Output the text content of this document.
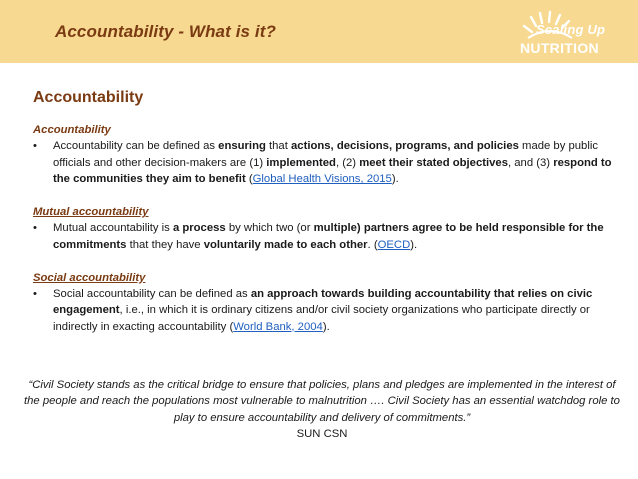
Accountability - What is it?	Scaling Up
NUTRITION
Accountability
Accountability
• Accountability can be defined as ensuring that actions, decisions, programs, and policies made by public officials and other decision-makers are (1) implemented, (2) meet their stated objectives, and (3) respond to the communities they aim to benefit (Global Health Visions, 2015).
Mutual accountability
• Mutual accountability is a process by which two (or multiple) partners agree to be held responsible for the commitments that they have voluntarily made to each other. (OECD).
Social accountability
• Social accountability can be defined as an approach towards building accountability that relies on civic engagement, i.e., in which it is ordinary citizens and/or civil society organizations who participate directly or indirectly in exacting accountability (World Bank, 2004).
“Civil Society stands as the critical bridge to ensure that policies, plans and pledges are implemented in the interest of the people and reach the populations most vulnerable to malnutrition …. Civil Society has an essential watchdog role to play to ensure accountability and delivery of commitments.”
SUN CSN
